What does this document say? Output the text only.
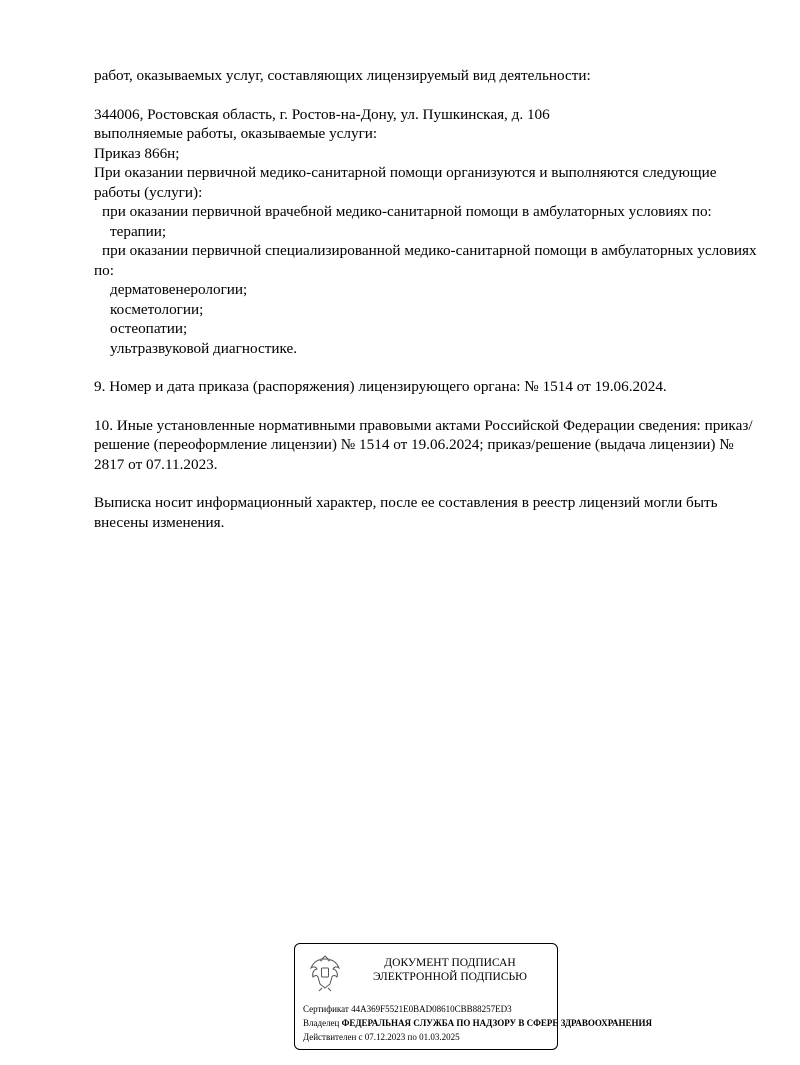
работ, оказываемых услуг, составляющих лицензируемый вид деятельности:
344006, Ростовская область, г. Ростов-на-Дону, ул. Пушкинская, д. 106
выполняемые работы, оказываемые услуги:
Приказ 866н;
При оказании первичной медико-санитарной помощи организуются и выполняются следующие работы (услуги):
при оказании первичной врачебной медико-санитарной помощи в амбулаторных условиях по:
терапии;
при оказании первичной специализированной медико-санитарной помощи в амбулаторных условиях по:
дерматовенерологии;
косметологии;
остеопатии;
ультразвуковой диагностике.
9. Номер и дата приказа (распоряжения) лицензирующего органа: № 1514 от 19.06.2024.
10. Иные установленные нормативными правовыми актами Российской Федерации сведения: приказ/решение (переоформление лицензии) № 1514 от 19.06.2024; приказ/решение (выдача лицензии) № 2817 от 07.11.2023.
Выписка носит информационный характер, после ее составления в реестр лицензий могли быть внесены изменения.
ДОКУМЕНТ ПОДПИСАН
ЭЛЕКТРОННОЙ ПОДПИСЬЮ
Сертификат 44A369F5521E0BAD08610CBB88257ED3
Владелец ФЕДЕРАЛЬНАЯ СЛУЖБА ПО НАДЗОРУ В СФЕРЕ ЗДРАВООХРАНЕНИЯ
Действителен с 07.12.2023 по 01.03.2025
